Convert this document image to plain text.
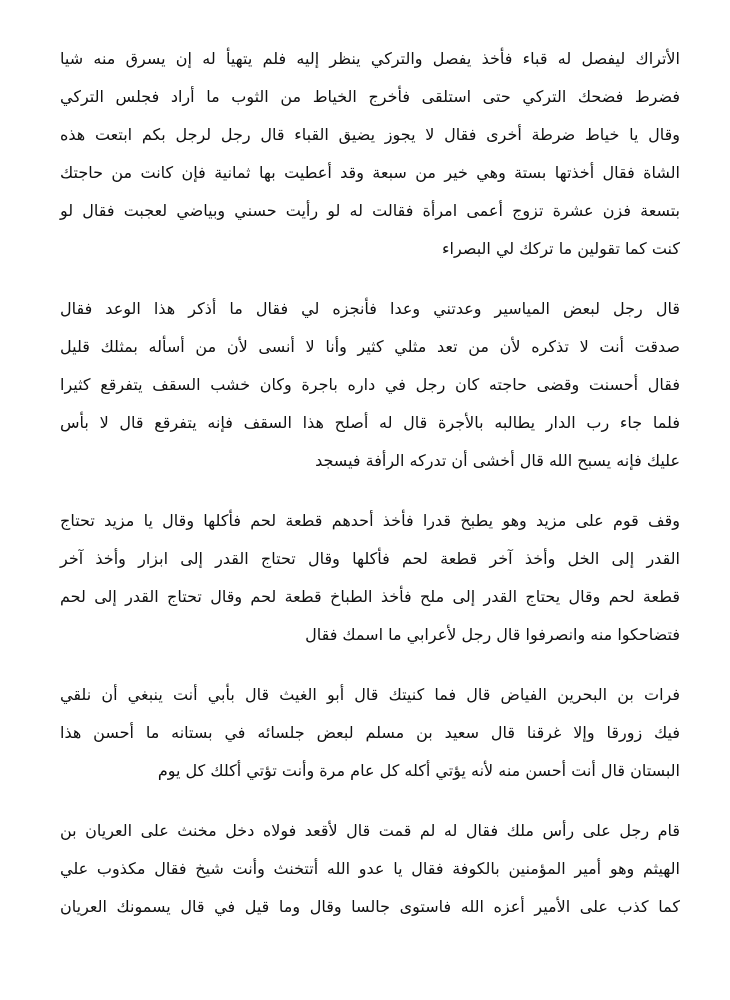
الأتراك ليفصل له قباء فأخذ يفصل والتركي ينظر إليه فلم يتهيأ له إن يسرق منه شيا
فضرط فضحك التركي حتى استلقى فأخرج الخياط من الثوب ما أراد فجلس التركي
وقال يا خياط ضرطة أخرى فقال لا يجوز يضيق القباء قال رجل لرجل بكم ابتعت هذه
الشاة فقال أخذتها بستة وهي خير من سبعة وقد أعطيت بها ثمانية فإن كانت من حاجتك
بتسعة فزن عشرة تزوج أعمى امرأة فقالت له لو رأيت حسني وبياضي لعجبت فقال لو
كنت كما تقولين ما تركك لي البصراء
قال رجل لبعض المياسير وعدتني وعدا فأنجزه لي فقال ما أذكر هذا الوعد فقال
صدقت أنت لا تذكره لأن من تعد مثلي كثير وأنا لا أنسى لأن من أسأله بمثلك قليل
فقال أحسنت وقضى حاجته كان رجل في داره باجرة وكان خشب السقف يتفرقع كثيرا
فلما جاء رب الدار يطالبه بالأجرة قال له أصلح هذا السقف فإنه يتفرقع قال لا بأس
عليك فإنه يسبح الله قال أخشى أن تدركه الرأفة فيسجد
وقف قوم على مزيد وهو يطبخ قدرا فأخذ أحدهم قطعة لحم فأكلها وقال يا مزيد تحتاج
القدر إلى الخل وأخذ آخر قطعة لحم فأكلها وقال تحتاج القدر إلى ابزار وأخذ آخر
قطعة لحم وقال يحتاج القدر إلى ملح فأخذ الطباخ قطعة لحم وقال تحتاج القدر إلى لحم
فتضاحكوا منه وانصرفوا قال رجل لأعرابي ما اسمك فقال
فرات بن البحرين الفياض قال فما كنيتك قال أبو الغيث قال بأبي أنت ينبغي أن نلقي
فيك زورقا وإلا غرقنا قال سعيد بن مسلم لبعض جلسائه في بستانه ما أحسن هذا
البستان قال أنت أحسن منه لأنه يؤتي أكله كل عام مرة وأنت تؤتي أكلك كل يوم
قام رجل على رأس ملك فقال له لم قمت قال لأقعد فولاه دخل مخنث على العريان بن
الهيثم وهو أمير المؤمنين بالكوفة فقال يا عدو الله أتتخنث وأنت شيخ فقال مكذوب علي
كما كذب على الأمير أعزه الله فاستوى جالسا وقال وما قيل في قال يسمونك العريان
